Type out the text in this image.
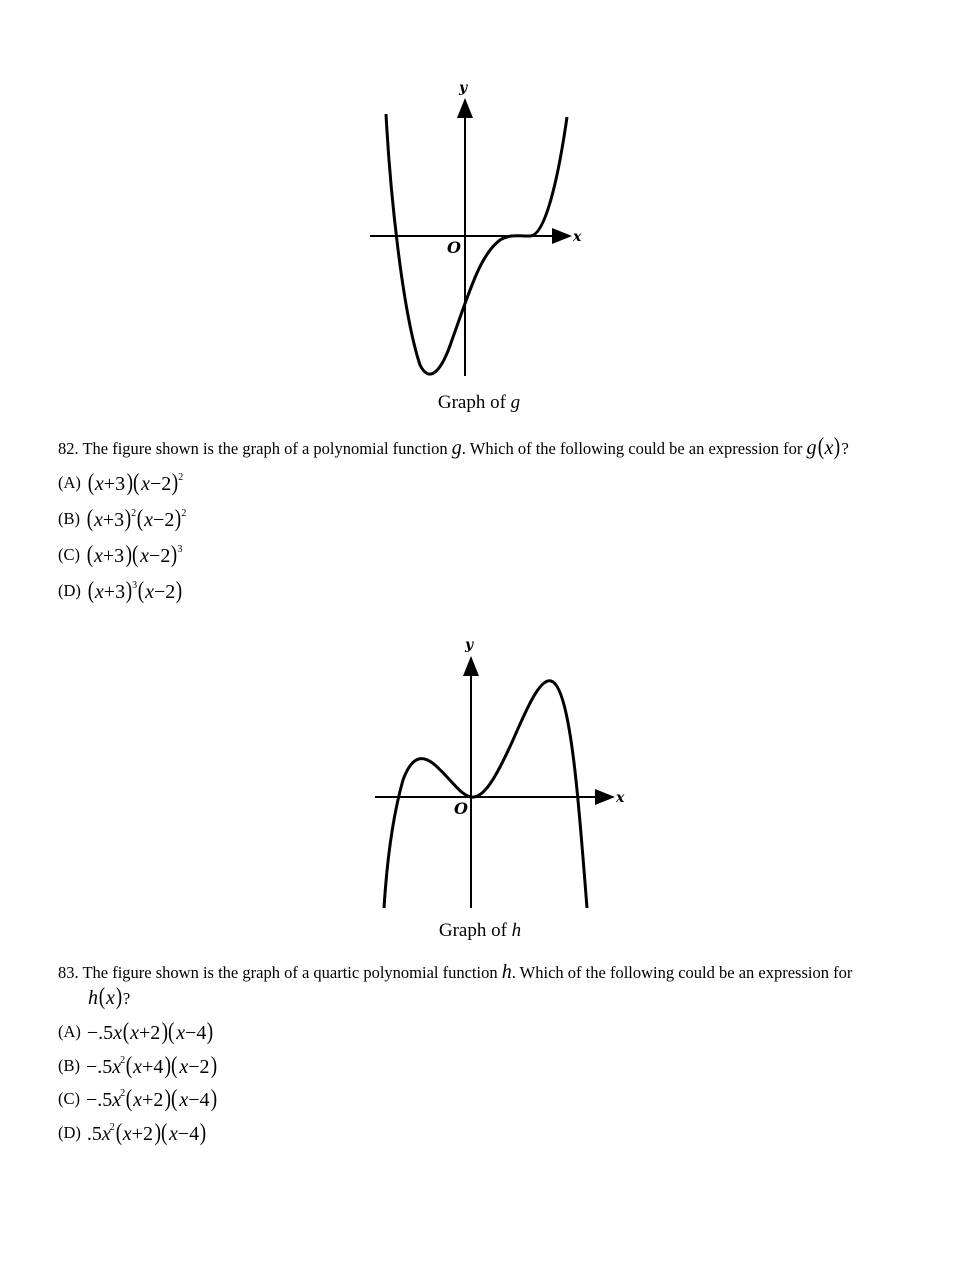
y
x
O
Graph of g
82. The figure shown is the graph of a polynomial function g. Which of the following could be an expression for g(x)?
(A) $(x+3)(x-2)^2$
(B) $(x+3)^2(x-2)^2$
(C) $(x+3)(x-2)^3$
(D) $(x+3)^3(x-2)$
y
x
O
Graph of h
83. The figure shown is the graph of a quartic polynomial function h. Which of the following could be an expression for
h(x)?
(A) −.5x(x+2)(x−4)
$(B) -.5x^2(x+4)(x-2)$
$(C) -.5x^2(x+2)(x-4)$
(D) $.5x^2(x+2)(x-4)$
